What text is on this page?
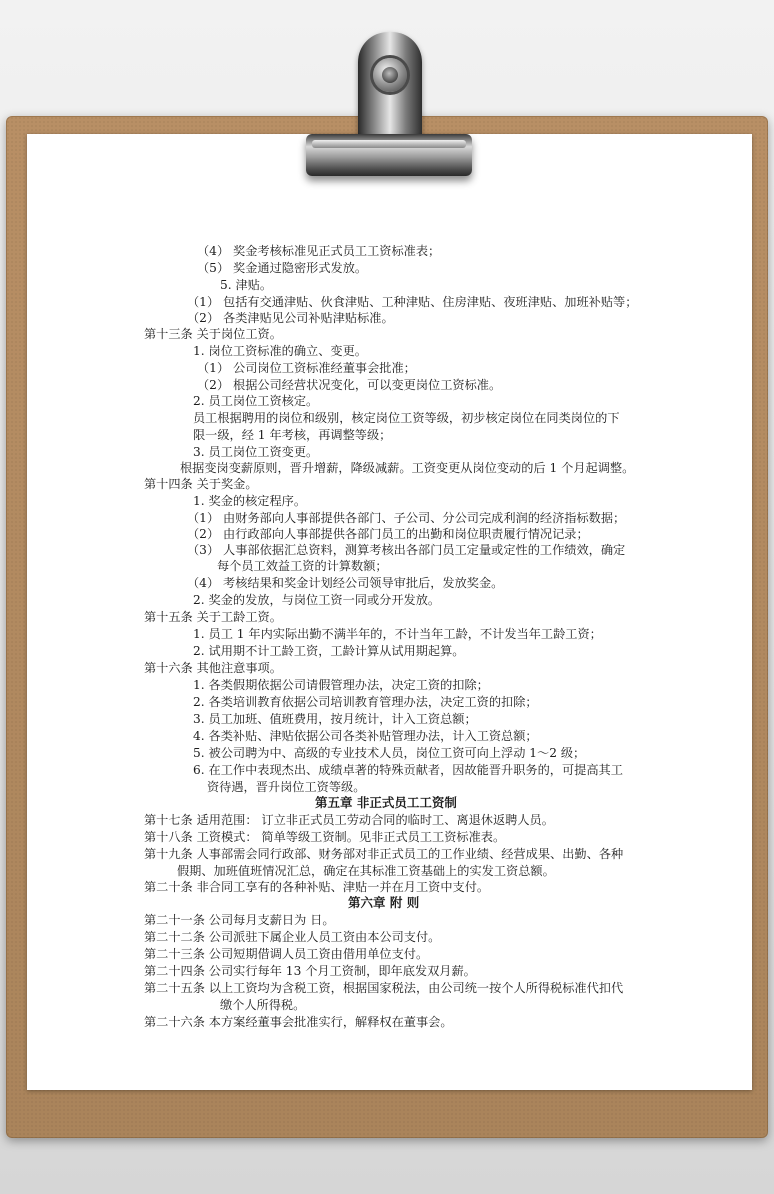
（4） 奖金考核标准见正式员工工资标准表；
（5） 奖金通过隐密形式发放。
5. 津贴。
（1） 包括有交通津贴、伙食津贴、工种津贴、住房津贴、夜班津贴、加班补贴等；
（2） 各类津贴见公司补贴津贴标准。
第十三条 关于岗位工资。
1. 岗位工资标准的确立、变更。
（1） 公司岗位工资标准经董事会批准；
（2） 根据公司经营状况变化，可以变更岗位工资标准。
2. 员工岗位工资核定。
员工根据聘用的岗位和级别，核定岗位工资等级，初步核定岗位在同类岗位的下
限一级，经 1 年考核，再调整等级；
3. 员工岗位工资变更。
根据变岗变薪原则，晋升增薪，降级减薪。工资变更从岗位变动的后 1 个月起调整。
第十四条 关于奖金。
1. 奖金的核定程序。
（1） 由财务部向人事部提供各部门、子公司、分公司完成利润的经济指标数据；
（2） 由行政部向人事部提供各部门员工的出勤和岗位职责履行情况记录；
（3） 人事部依据汇总资料，测算考核出各部门员工定量或定性的工作绩效，确定
每个员工效益工资的计算数额；
（4） 考核结果和奖金计划经公司领导审批后，发放奖金。
2. 奖金的发放，与岗位工资一同或分开发放。
第十五条 关于工龄工资。
1. 员工 1 年内实际出勤不满半年的，不计当年工龄，不计发当年工龄工资；
2. 试用期不计工龄工资，工龄计算从试用期起算。
第十六条 其他注意事项。
1. 各类假期依据公司请假管理办法，决定工资的扣除；
2. 各类培训教育依据公司培训教育管理办法，决定工资的扣除；
3. 员工加班、值班费用，按月统计，计入工资总额；
4. 各类补贴、津贴依据公司各类补贴管理办法，计入工资总额；
5. 被公司聘为中、高级的专业技术人员，岗位工资可向上浮动 1～2 级；
6. 在工作中表现杰出、成绩卓著的特殊贡献者，因故能晋升职务的，可提高其工
资待遇，晋升岗位工资等级。
第五章 非正式员工工资制
第十七条 适用范围： 订立非正式员工劳动合同的临时工、离退休返聘人员。
第十八条 工资模式： 简单等级工资制。见非正式员工工资标准表。
第十九条 人事部需会同行政部、财务部对非正式员工的工作业绩、经营成果、出勤、各种
假期、加班值班情况汇总，确定在其标准工资基础上的实发工资总额。
第二十条 非合同工享有的各种补贴、津贴一并在月工资中支付。
第六章 附 则
第二十一条 公司每月支薪日为 日。
第二十二条 公司派驻下属企业人员工资由本公司支付。
第二十三条 公司短期借调人员工资由借用单位支付。
第二十四条 公司实行每年 13 个月工资制，即年底发双月薪。
第二十五条 以上工资均为含税工资，根据国家税法，由公司统一按个人所得税标准代扣代
缴个人所得税。
第二十六条 本方案经董事会批准实行，解释权在董事会。
